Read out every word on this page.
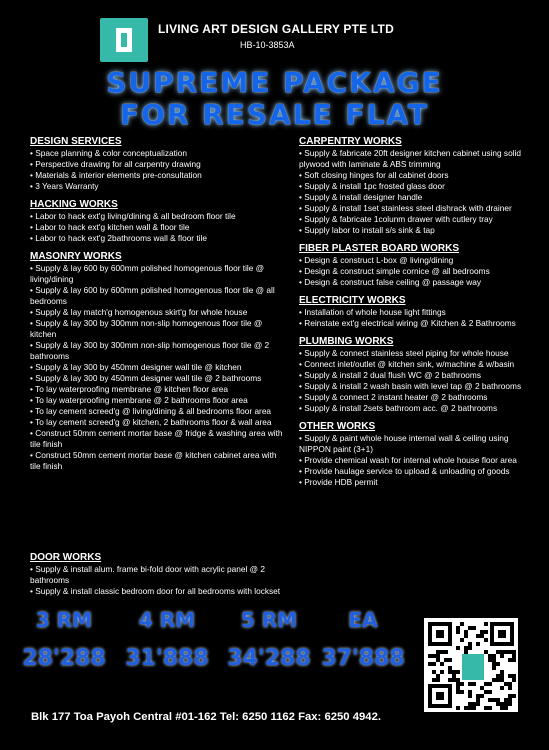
LIVING ART DESIGN GALLERY PTE LTD
HB-10-3853A
SUPREME PACKAGE
FOR RESALE FLAT
DESIGN SERVICES
• Space planning & color conceptualization
• Perspective drawing for all carpentry drawing
• Materials & interior elements pre-consultation
• 3 Years Warranty
HACKING WORKS
• Labor to hack ext'g living/dining & all bedroom floor tile
• Labor to hack ext'g kitchen wall & floor tile
• Labor to hack ext'g 2bathrooms wall & floor tile
MASONRY WORKS
• Supply & lay 600 by 600mm polished homogenous floor tile @ living/dining
• Supply & lay 600 by 600mm polished homogenous floor tile @ all bedrooms
• Supply & lay match'g homogenous skirt'g for whole house
• Supply & lay 300 by 300mm non-slip homogenous floor tile @ kitchen
• Supply & lay 300 by 300mm non-slip homogenous floor tile @ 2 bathrooms
• Supply & lay 300 by 450mm designer wall tile @ kitchen
• Supply & lay 300 by 450mm designer wall tile @ 2 bathrooms
• To lay waterproofing membrane @ kitchen floor area
• To lay waterproofing membrane @ 2 bathrooms floor area
• To lay cement screed'g @ living/dining & all bedrooms floor area
• To lay cement screed'g @ kitchen, 2 bathrooms floor & wall area
• Construct 50mm cement mortar base @ fridge & washing area with tile finish
• Construct 50mm cement mortar base @ kitchen cabinet area with tile finish
CARPENTRY WORKS
• Supply & fabricate 20ft designer kitchen cabinet using solid plywood with laminate & ABS trimming
• Soft closing hinges for all cabinet doors
• Supply & install 1pc frosted glass door
• Supply & install designer handle
• Supply & install 1set stainless steel dishrack with drainer
• Supply & fabricate 1colunm drawer with cutlery tray
• Supply labor to install s/s sink & tap
FIBER PLASTER BOARD WORKS
• Design & construct L-box @ living/dining
• Design & construct simple cornice @ all bedrooms
• Design & construct false ceiling @ passage way
ELECTRICITY WORKS
• Installation of whole house light fittings
• Reinstate ext'g electrical wiring @ Kitchen & 2 Bathrooms
PLUMBING WORKS
• Supply & connect stainless steel piping for whole house
• Connect inlet/outlet @ kitchen sink, w/machine & w/basin
• Supply & install 2 dual flush WC @ 2 bathrooms
• Supply & install 2 wash basin with level tap @ 2 bathrooms
• Supply & connect 2 instant heater @ 2 bathrooms
• Supply & install 2sets bathroom acc. @ 2 bathrooms
OTHER WORKS
• Supply & paint whole house internal wall & ceiling using NIPPON paint (3+1)
• Provide chemical wash for internal whole house floor area
• Provide haulage service to upload & unloading of goods
• Provide HDB permit
DOOR WORKS
• Supply & install alum. frame bi-fold door with acrylic panel @ 2 bathrooms
• Supply & install classic bedroom door for all bedrooms with lockset
3 RM
28'288
4 RM
31'888
5 RM
34'288
EA
37'888
Blk 177 Toa Payoh Central #01-162 Tel: 6250 1162 Fax: 6250 4942.
